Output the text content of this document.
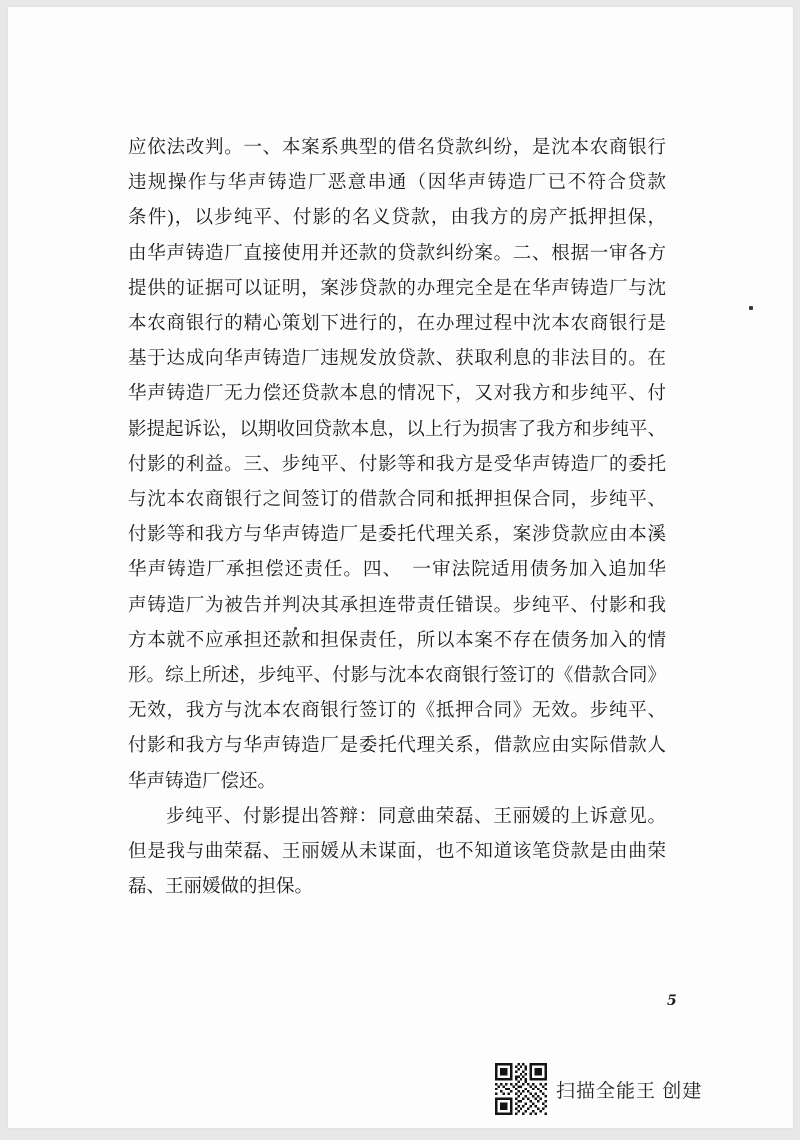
应依法改判。一、本案系典型的借名贷款纠纷，是沈本农商银行
违规操作与华声铸造厂恶意串通（因华声铸造厂已不符合贷款
条件)，以步纯平、付影的名义贷款，由我方的房产抵押担保，
由华声铸造厂直接使用并还款的贷款纠纷案。二、根据一审各方
提供的证据可以证明，案涉贷款的办理完全是在华声铸造厂与沈
本农商银行的精心策划下进行的，在办理过程中沈本农商银行是
基于达成向华声铸造厂违规发放贷款、获取利息的非法目的。在
华声铸造厂无力偿还贷款本息的情况下，又对我方和步纯平、付
影提起诉讼，以期收回贷款本息，以上行为损害了我方和步纯平、
付影的利益。三、步纯平、付影等和我方是受华声铸造厂的委托
与沈本农商银行之间签订的借款合同和抵押担保合同，步纯平、
付影等和我方与华声铸造厂是委托代理关系，案涉贷款应由本溪
华声铸造厂承担偿还责任。四、　一审法院适用债务加入追加华
声铸造厂为被告并判决其承担连带责任错误。步纯平、付影和我
方本就不应承担还款和担保责任，所以本案不存在债务加入的情
形。综上所述，步纯平、付影与沈本农商银行签订的《借款合同》
无效，我方与沈本农商银行签订的《抵押合同》无效。步纯平、
付影和我方与华声铸造厂是委托代理关系，借款应由实际借款人
华声铸造厂偿还。
步纯平、付影提出答辩：同意曲荣磊、王丽媛的上诉意见。
但是我与曲荣磊、王丽媛从未谋面，也不知道该笔贷款是由曲荣
磊、王丽媛做的担保。
5
扫描全能王 创建
